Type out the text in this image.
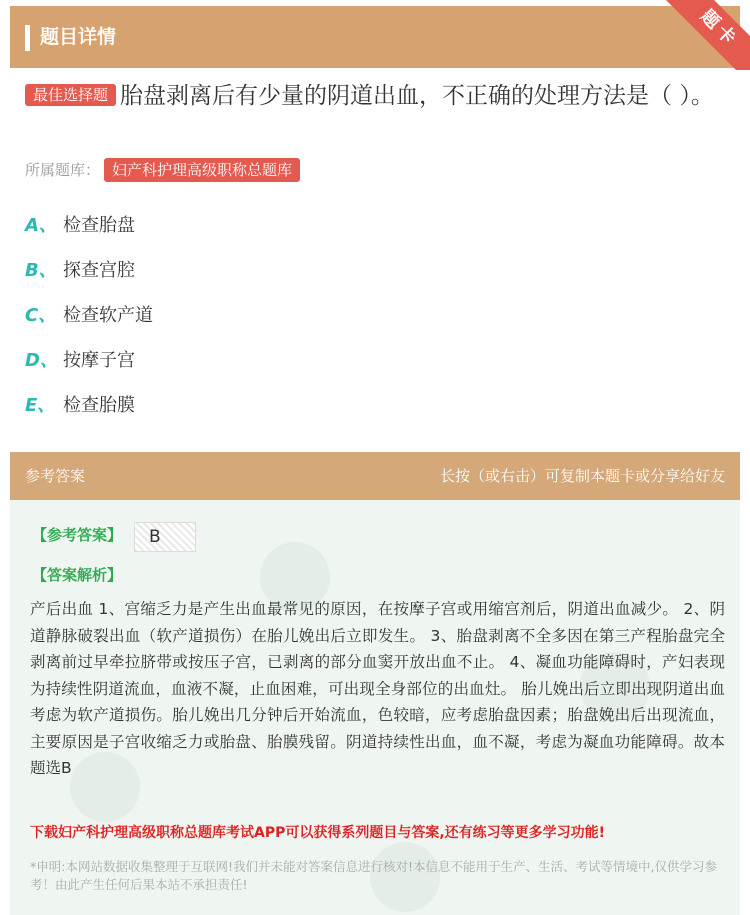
题目详情	题卡
最佳选择题 胎盘剥离后有少量的阴道出血，不正确的处理方法是（ ）。
所属题库： 妇产科护理高级职称总题库
A、 检查胎盘
B、 探查宫腔
C、 检查软产道
D、 按摩子宫
E、 检查胎膜
参考答案	长按（或右击）可复制本题卡或分享给好友
【参考答案】	B
【答案解析】
产后出血 1、宫缩乏力是产生出血最常见的原因，在按摩子宫或用缩宫剂后，阴道出血减少。 2、阴道静脉破裂出血（软产道损伤）在胎儿娩出后立即发生。 3、胎盘剥离不全多因在第三产程胎盘完全剥离前过早牵拉脐带或按压子宫，已剥离的部分血窦开放出血不止。 4、凝血功能障碍时，产妇表现为持续性阴道流血，血液不凝，止血困难，可出现全身部位的出血灶。 胎儿娩出后立即出现阴道出血考虑为软产道损伤。胎儿娩出几分钟后开始流血，色较暗，应考虑胎盘因素；胎盘娩出后出现流血，主要原因是子宫收缩乏力或胎盘、胎膜残留。阴道持续性出血，血不凝，考虑为凝血功能障碍。故本题选B
下载妇产科护理高级职称总题库考试APP可以获得系列题目与答案,还有练习等更多学习功能!
*申明:本网站数据收集整理于互联网!我们并未能对答案信息进行核对!本信息不能用于生产、生活、考试等情境中,仅供学习参考！由此产生任何后果本站不承担责任!
